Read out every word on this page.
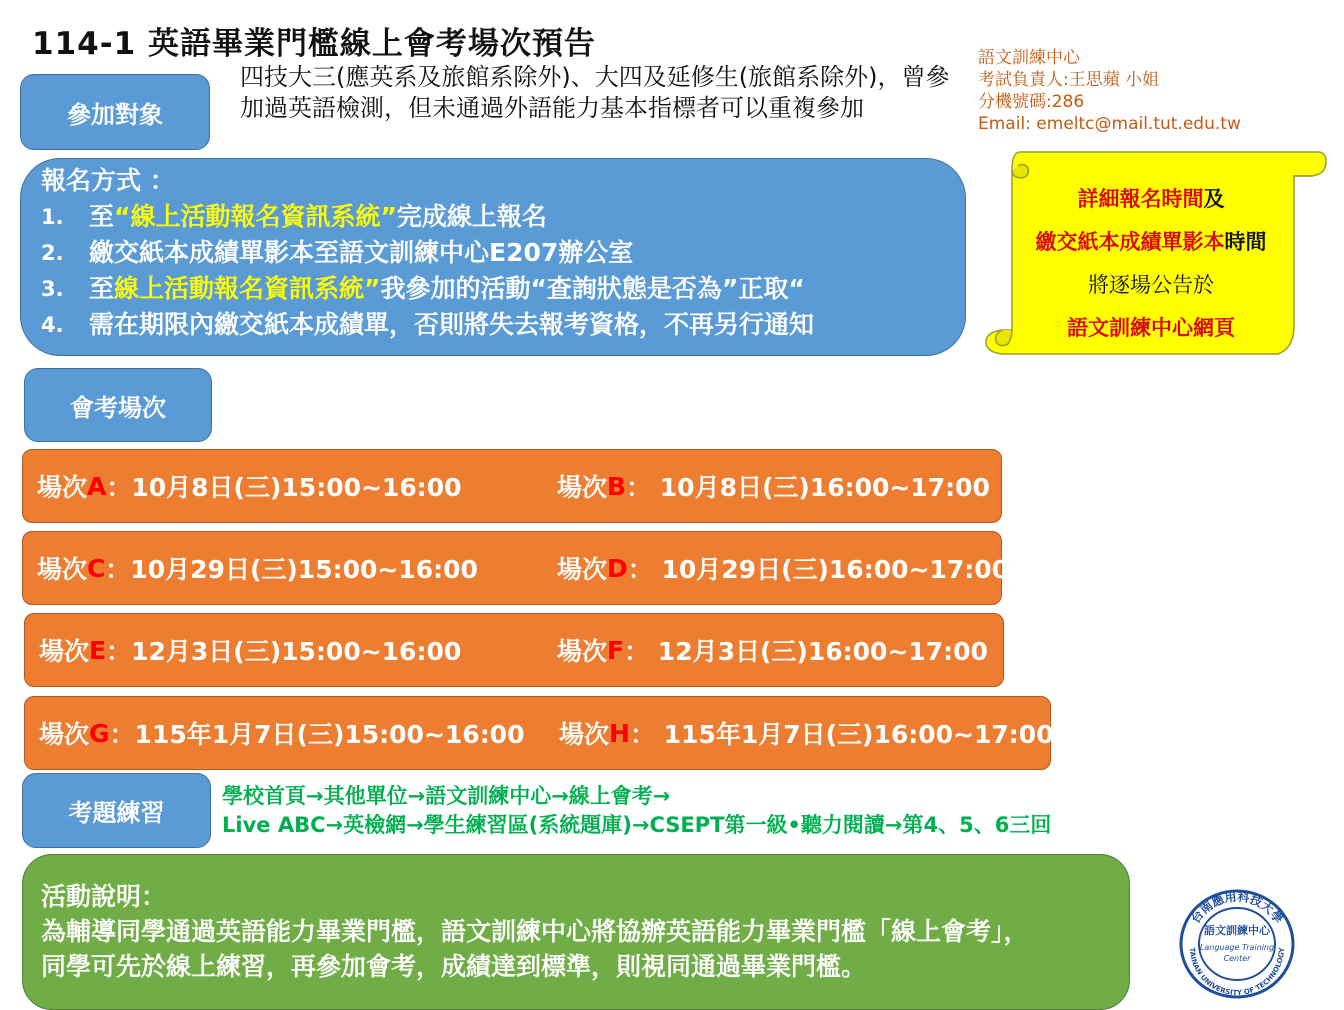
114-1 英語畢業門檻線上會考場次預告	語文訓練中心
考試負責人:王思蘋 小姐
分機號碼:286
Email: emeltc@mail.tut.edu.tw
參加對象
四技大三(應英系及旅館系除外)、大四及延修生(旅館系除外)，曾參加過英語檢測，但未通過外語能力基本指標者可以重複參加
報名方式 ：
1.	至“線上活動報名資訊系統”完成線上報名
2.	繳交紙本成績單影本至語文訓練中心E207辦公室
3.	至線上活動報名資訊系統”我參加的活動“查詢狀態是否為”正取“
4.	需在期限內繳交紙本成績單，否則將失去報考資格，不再另行通知
詳細報名時間及
繳交紙本成績單影本時間
將逐場公告於
語文訓練中心網頁
會考場次
場次 A ：10月8日(三)15:00~16:00	場次 B ： 10月8日(三)16:00~17:00
場次 C ：10月29日(三)15:00~16:00	場次 D ： 10月29日(三)16:00~17:00
場次 E ：12月3日(三)15:00~16:00	場次 F ： 12月3日(三)16:00~17:00
場次 G ：115年1月7日(三)15:00~16:00 場次 H ： 115年1月7日(三)16:00~17:00
考題練習
學校首頁→其他單位→語文訓練中心→線上會考→
Live ABC→英檢網→學生練習區(系統題庫)→CSEPT第一級•聽力閱讀→第4、5、6三回
活動說明：
為輔導同學通過英語能力畢業門檻，語文訓練中心將協辦英語能力畢業門檻「線上會考」，
同學可先於線上練習，再參加會考，成績達到標準，則視同通過畢業門檻。
台南應用科技大學
TAINAN UNIVERSITY OF TECHNOLOGY
語文訓練中心
Language Training
Center
